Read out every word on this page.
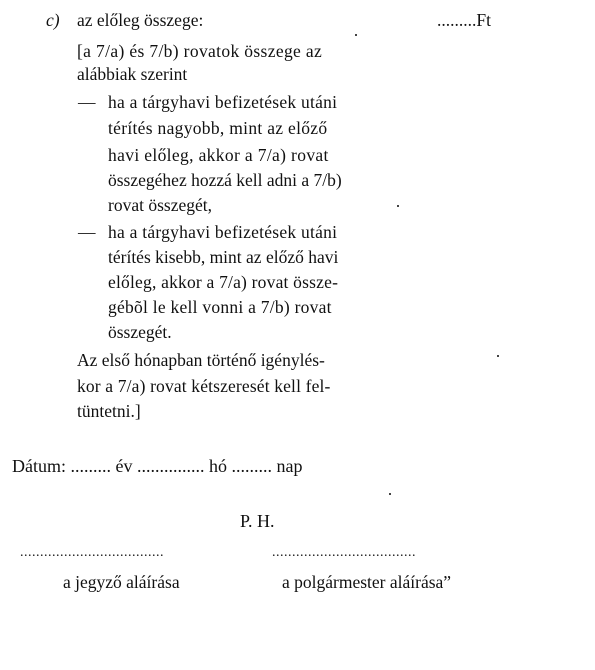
c) az előleg összege:	.........Ft
[a 7/a) és 7/b) rovatok összege az
alábbiak szerint
— ha a tárgyhavi befizetések utáni
térítés nagyobb, mint az előző
havi előleg, akkor a 7/a) rovat
összegéhez hozzá kell adni a 7/b)
rovat összegét,
— ha a tárgyhavi befizetések utáni
térítés kisebb, mint az előző havi
előleg, akkor a 7/a) rovat össze-
gébõl le kell vonni a 7/b) rovat
összegét.
Az első hónapban történő igénylés-
kor a 7/a) rovat kétszeresét kell fel-
tüntetni.]
Dátum: ......... év ............... hó ......... nap
P. H.
....................................	....................................
a jegyző aláírása	a polgármester aláírása”
